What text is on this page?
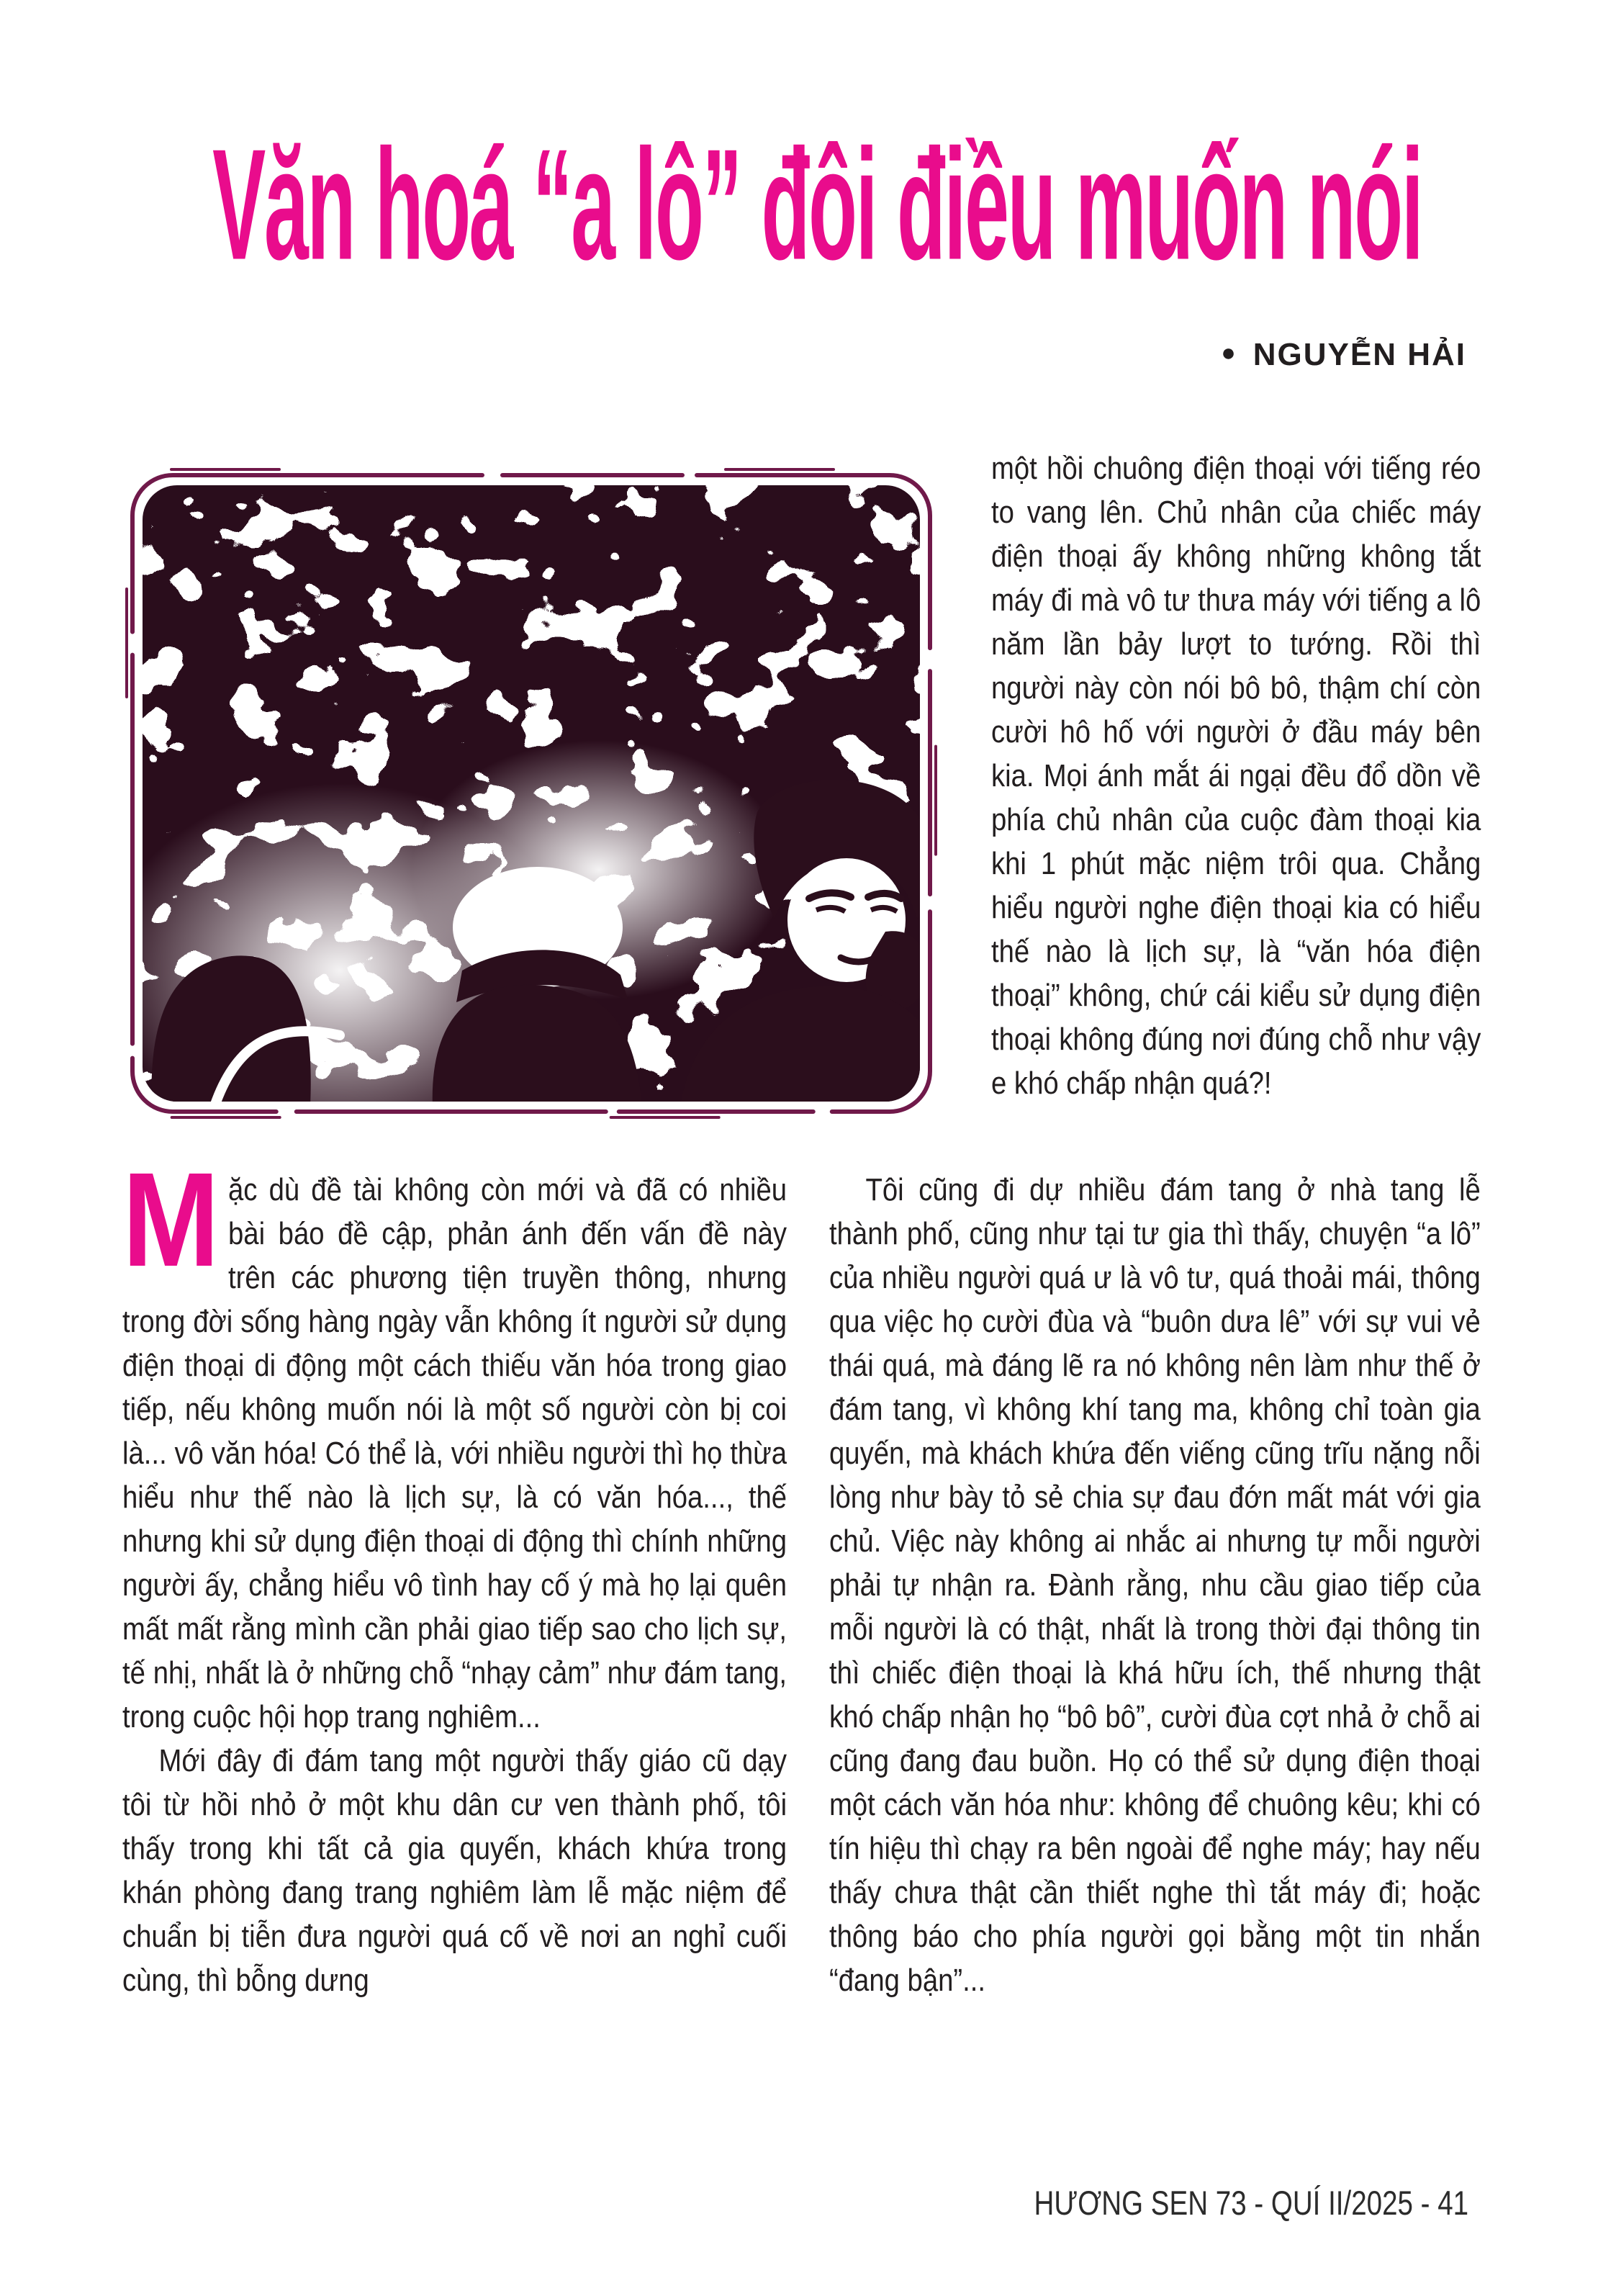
Văn hoá “a lô” đôi điều muốn nói
● NGUYỄN HẢI

một hồi chuông điện thoại với tiếng réo to vang lên. Chủ nhân của chiếc máy điện thoại ấy không những không tắt máy đi mà vô tư thưa máy với tiếng a lô năm lần bảy lượt to tướng. Rồi thì người này còn nói bô bô, thậm chí còn cười hô hố với người ở đầu máy bên kia. Mọi ánh mắt ái ngại đều đổ dồn về phía chủ nhân của cuộc đàm thoại kia khi 1 phút mặc niệm trôi qua. Chẳng hiểu người nghe điện thoại kia có hiểu thế nào là lịch sự, là “văn hóa điện thoại” không, chứ cái kiểu sử dụng điện thoại không đúng nơi đúng chỗ như vậy e khó chấp nhận quá?!

Mặc dù đề tài không còn mới và đã có nhiều bài báo đề cập, phản ánh đến vấn đề này trên các phương tiện truyền thông, nhưng trong đời sống hàng ngày vẫn không ít người sử dụng điện thoại di động một cách thiếu văn hóa trong giao tiếp, nếu không muốn nói là một số người còn bị coi là... vô văn hóa! Có thể là, với nhiều người thì họ thừa hiểu như thế nào là lịch sự, là có văn hóa..., thế nhưng khi sử dụng điện thoại di động thì chính những người ấy, chẳng hiểu vô tình hay cố ý mà họ lại quên mất mất rằng mình cần phải giao tiếp sao cho lịch sự, tế nhị, nhất là ở những chỗ “nhạy cảm” như đám tang, trong cuộc hội họp trang nghiêm...

Mới đây đi đám tang một người thấy giáo cũ dạy tôi từ hồi nhỏ ở một khu dân cư ven thành phố, tôi thấy trong khi tất cả gia quyến, khách khứa trong khán phòng đang trang nghiêm làm lễ mặc niệm để chuẩn bị tiễn đưa người quá cố về nơi an nghỉ cuối cùng, thì bỗng dưng

Tôi cũng đi dự nhiều đám tang ở nhà tang lễ thành phố, cũng như tại tư gia thì thấy, chuyện “a lô” của nhiều người quá ư là vô tư, quá thoải mái, thông qua việc họ cười đùa và “buôn dưa lê” với sự vui vẻ thái quá, mà đáng lẽ ra nó không nên làm như thế ở đám tang, vì không khí tang ma, không chỉ toàn gia quyến, mà khách khứa đến viếng cũng trĩu nặng nỗi lòng như bày tỏ sẻ chia sự đau đớn mất mát với gia chủ. Việc này không ai nhắc ai nhưng tự mỗi người phải tự nhận ra. Đành rằng, nhu cầu giao tiếp của mỗi người là có thật, nhất là trong thời đại thông tin thì chiếc điện thoại là khá hữu ích, thế nhưng thật khó chấp nhận họ “bô bô”, cười đùa cợt nhả ở chỗ ai cũng đang đau buồn. Họ có thể sử dụng điện thoại một cách văn hóa như: không để chuông kêu; khi có tín hiệu thì chạy ra bên ngoài để nghe máy; hay nếu thấy chưa thật cần thiết nghe thì tắt máy đi; hoặc thông báo cho phía người gọi bằng một tin nhắn “đang bận”...

HƯƠNG SEN 73 - QUÍ II/2025 - 41
